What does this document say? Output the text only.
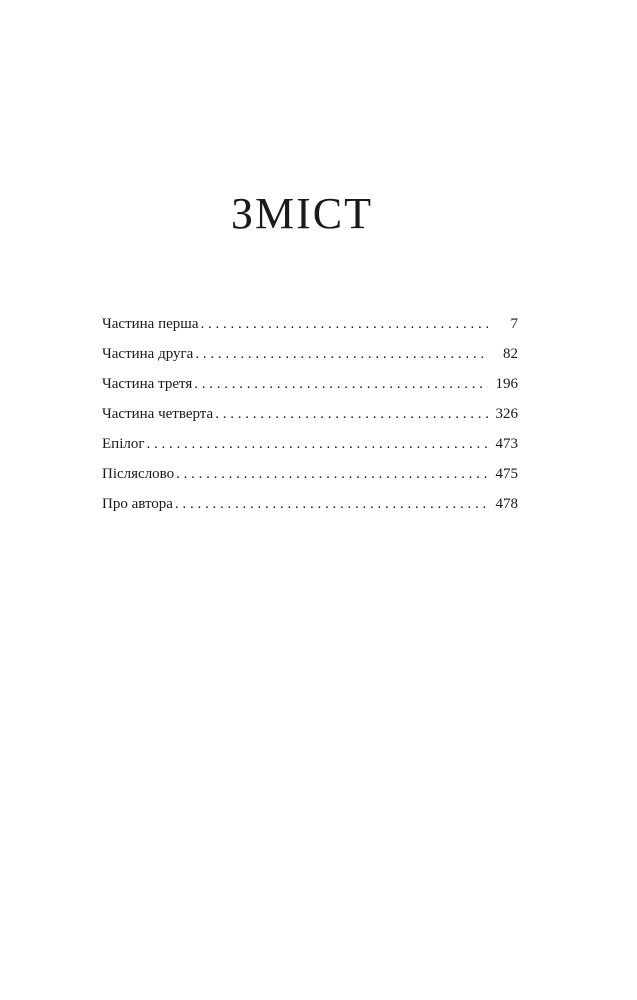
ЗМІСТ
Частина перша . . .	7
Частина друга . . .	82
Частина третя . . .	196
Частина четверта . . .	326
Епілог . . .	473
Післяслово . . .	475
Про автора . . .	478
